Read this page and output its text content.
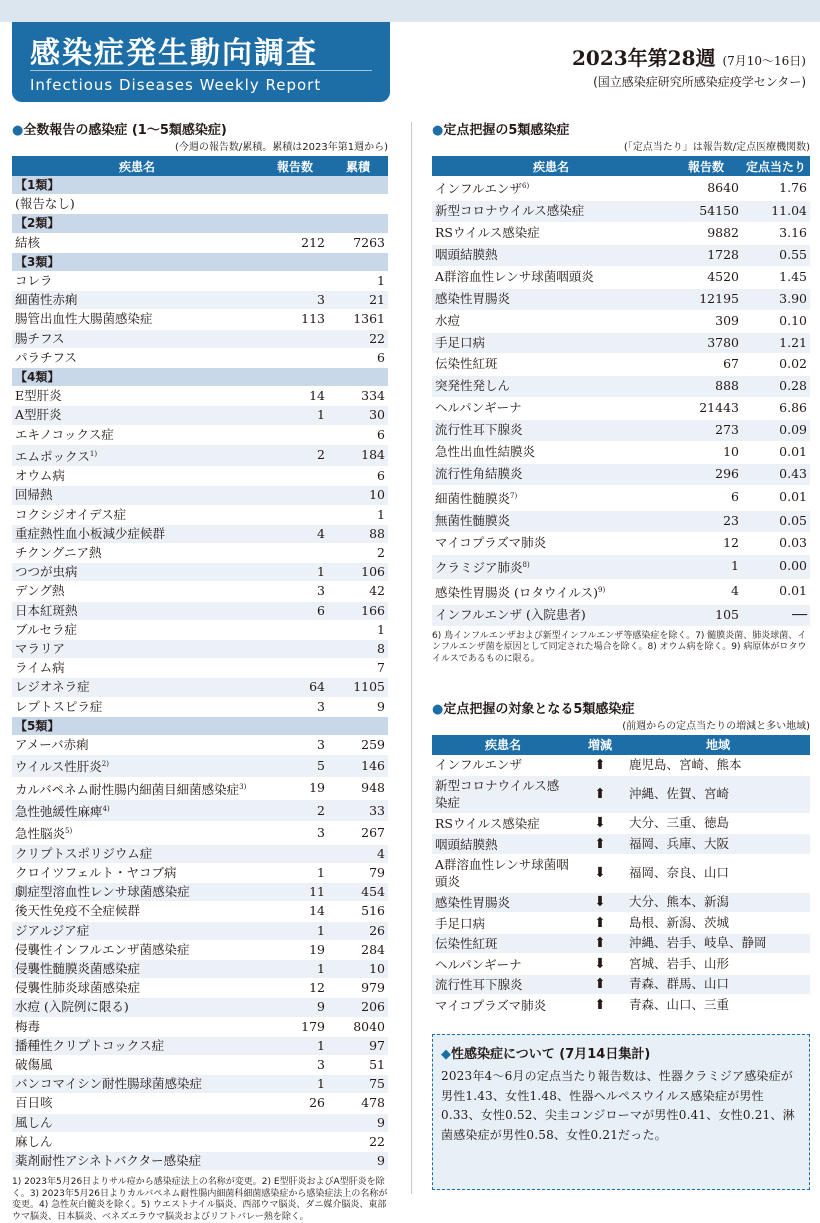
感染症発生動向調査
Infectious Diseases Weekly Report
2023年第28週 (7月10～16日)
(国立感染症研究所感染症疫学センター)
●全数報告の感染症 (1～5類感染症)
(今週の報告数/累積。累積は2023年第1週から)
疾患名	報告数	累積
【1類】		
(報告なし)		
【2類】		
結核	212	7263
【3類】		
コレラ		1
細菌性赤痢	3	21
腸管出血性大腸菌感染症	113	1361
腸チフス		22
パラチフス		6
【4類】		
E型肝炎	14	334
A型肝炎	1	30
エキノコックス症		6
エムポックス$^{1)}$	2	184
オウム病		6
回帰熱		10
コクシジオイデス症		1
重症熱性血小板減少症候群	4	88
チクングニア熱		2
つつが虫病	1	106
デング熱	3	42
日本紅斑熱	6	166
ブルセラ症		1
マラリア		8
ライム病		7
レジオネラ症	64	1105
レプトスピラ症	3	9
【5類】		
アメーバ赤痢	3	259
ウイルス性肝炎$^{2)}$	5	146
カルバペネム耐性腸内細菌目細菌感染症$^{3)}$	19	948
急性弛緩性麻痺$^{4)}$	2	33
急性脳炎$^{5)}$	3	267
クリプトスポリジウム症		4
クロイツフェルト・ヤコブ病	1	79
劇症型溶血性レンサ球菌感染症	11	454
後天性免疫不全症候群	14	516
ジアルジア症	1	26
侵襲性インフルエンザ菌感染症	19	284
侵襲性髄膜炎菌感染症	1	10
侵襲性肺炎球菌感染症	12	979
水痘 (入院例に限る)	9	206
梅毒	179	8040
播種性クリプトコックス症	1	97
破傷風	3	51
バンコマイシン耐性腸球菌感染症	1	75
百日咳	26	478
風しん		9
麻しん		22
薬剤耐性アシネトバクター感染症		9
1) 2023年5月26日よりサル痘から感染症法上の名称が変更。2) E型肝炎およびA型肝炎を除く。3) 2023年5月26日よりカルバペネム耐性腸内細菌科細菌感染症から感染症法上の名称が変更。4) 急性灰白髄炎を除く。5) ウエストナイル脳炎、西部ウマ脳炎、ダニ媒介脳炎、東部ウマ脳炎、日本脳炎、ベネズエラウマ脳炎およびリフトバレー熱を除く。
●定点把握の5類感染症
(「定点当たり」は報告数/定点医療機関数)
疾患名	報告数	定点当たり
インフルエンザ$^{6)}$	8640	1.76
新型コロナウイルス感染症	54150	11.04
RSウイルス感染症	9882	3.16
咽頭結膜熱	1728	0.55
A群溶血性レンサ球菌咽頭炎	4520	1.45
感染性胃腸炎	12195	3.90
水痘	309	0.10
手足口病	3780	1.21
伝染性紅斑	67	0.02
突発性発しん	888	0.28
ヘルパンギーナ	21443	6.86
流行性耳下腺炎	273	0.09
急性出血性結膜炎	10	0.01
流行性角結膜炎	296	0.43
細菌性髄膜炎$^{7)}$	6	0.01
無菌性髄膜炎	23	0.05
マイコプラズマ肺炎	12	0.03
クラミジア肺炎$^{8)}$	1	0.00
感染性胃腸炎 (ロタウイルス)$^{9)}$	4	0.01
インフルエンザ (入院患者)	105	──
6) 鳥インフルエンザおよび新型インフルエンザ等感染症を除く。7) 髄膜炎菌、肺炎球菌、インフルエンザ菌を原因として同定された場合を除く。8) オウム病を除く。9) 病原体がロタウイルスであるものに限る。
●定点把握の対象となる5類感染症
(前週からの定点当たりの増減と多い地域)
疾患名	増減	地域
インフルエンザ	⬆	鹿児島、宮崎、熊本
新型コロナウイルス感染症	⬆	沖縄、佐賀、宮崎
RSウイルス感染症	⬇	大分、三重、徳島
咽頭結膜熱	⬆	福岡、兵庫、大阪
A群溶血性レンサ球菌咽頭炎	⬇	福岡、奈良、山口
感染性胃腸炎	⬇	大分、熊本、新潟
手足口病	⬆	島根、新潟、茨城
伝染性紅斑	⬆	沖縄、岩手、岐阜、静岡
ヘルパンギーナ	⬇	宮城、岩手、山形
流行性耳下腺炎	⬆	青森、群馬、山口
マイコプラズマ肺炎	⬆	青森、山口、三重
◆性感染症について (7月14日集計)
2023年4～6月の定点当たり報告数は、性器クラミジア感染症が男性1.43、女性1.48、性器ヘルペスウイルス感染症が男性0.33、女性0.52、尖圭コンジローマが男性0.41、女性0.21、淋菌感染症が男性0.58、女性0.21だった。
